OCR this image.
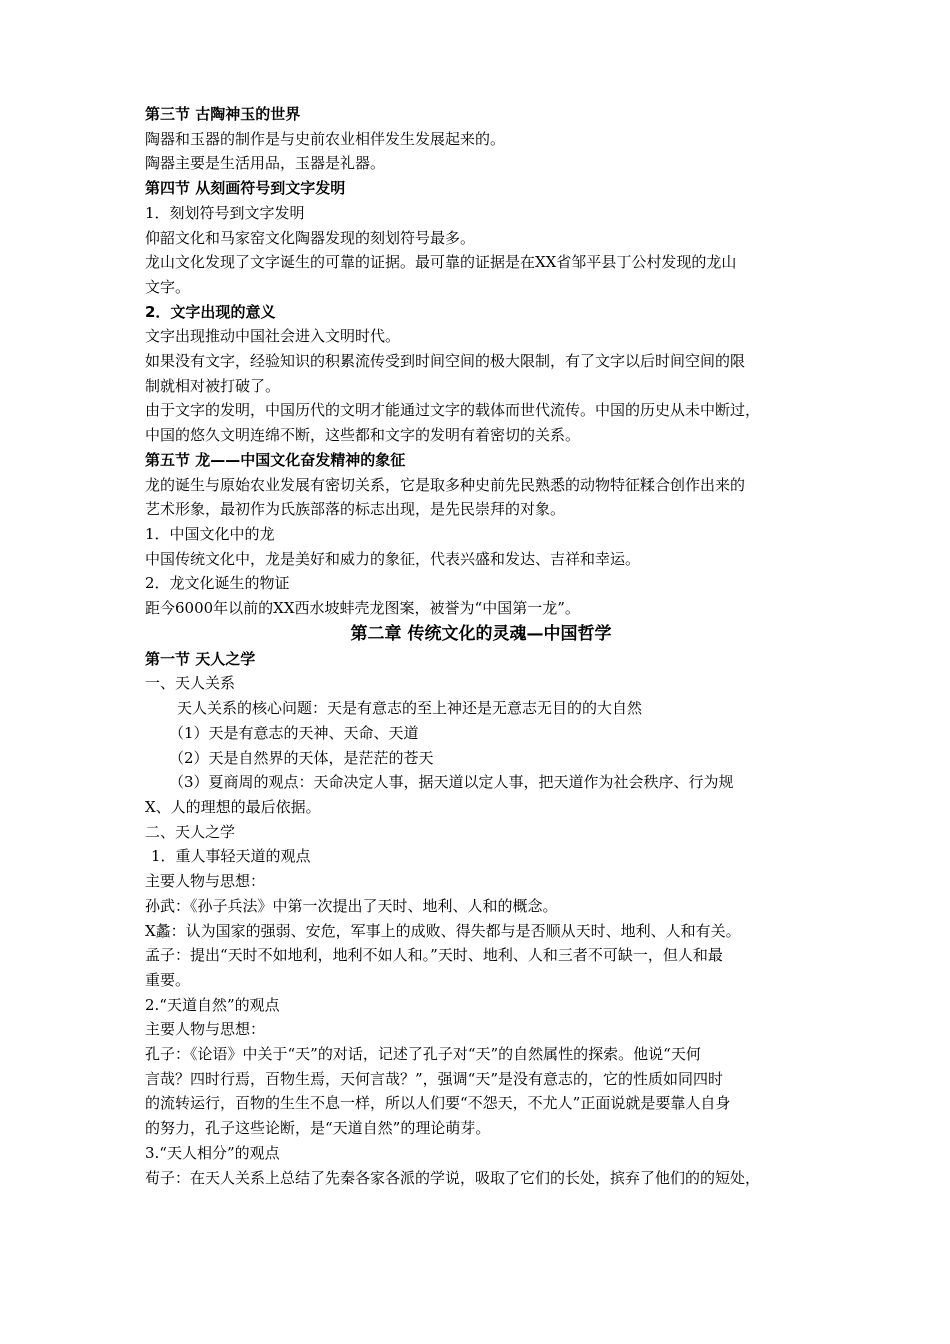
第三节 古陶神玉的世界
陶器和玉器的制作是与史前农业相伴发生发展起来的。
陶器主要是生活用品，玉器是礼器。
第四节 从刻画符号到文字发明
1．刻划符号到文字发明
仰韶文化和马家窑文化陶器发现的刻划符号最多。
龙山文化发现了文字诞生的可靠的证据。最可靠的证据是在XX省邹平县丁公村发现的龙山
文字。
2．文字出现的意义
文字出现推动中国社会进入文明时代。
如果没有文字，经验知识的积累流传受到时间空间的极大限制，有了文字以后时间空间的限
制就相对被打破了。
由于文字的发明，中国历代的文明才能通过文字的载体而世代流传。中国的历史从未中断过，
中国的悠久文明连绵不断，这些都和文字的发明有着密切的关系。
第五节 龙——中国文化奋发精神的象征
龙的诞生与原始农业发展有密切关系，它是取多种史前先民熟悉的动物特征糅合创作出来的
艺术形象，最初作为氏族部落的标志出现，是先民崇拜的对象。
1．中国文化中的龙
中国传统文化中，龙是美好和威力的象征，代表兴盛和发达、吉祥和幸运。
2．龙文化诞生的物证
距今6000年以前的XX西水坡蚌壳龙图案，被誉为“中国第一龙”。
第二章 传统文化的灵魂—中国哲学
第一节 天人之学
一、天人关系
天人关系的核心问题：天是有意志的至上神还是无意志无目的的大自然
（1）天是有意志的天神、天命、天道
（2）天是自然界的天体，是茫茫的苍天
（3）夏商周的观点：天命决定人事，据天道以定人事，把天道作为社会秩序、行为规
X、人的理想的最后依据。
二、天人之学
1．重人事轻天道的观点
主要人物与思想：
孙武：《孙子兵法》中第一次提出了天时、地利、人和的概念。
X蠡：认为国家的强弱、安危，军事上的成败、得失都与是否顺从天时、地利、人和有关。
孟子：提出“天时不如地利，地利不如人和。”天时、地利、人和三者不可缺一，但人和最
重要。
2.“天道自然”的观点
主要人物与思想：
孔子：《论语》中关于“天”的对话，记述了孔子对“天”的自然属性的探索。他说“天何
言哉？四时行焉，百物生焉，天何言哉？”，强调“天”是没有意志的，它的性质如同四时
的流转运行，百物的生生不息一样，所以人们要“不怨天，不尤人”正面说就是要靠人自身
的努力，孔子这些论断，是“天道自然”的理论萌芽。
3.“天人相分”的观点
荀子：在天人关系上总结了先秦各家各派的学说，吸取了它们的长处，摈弃了他们的的短处，
